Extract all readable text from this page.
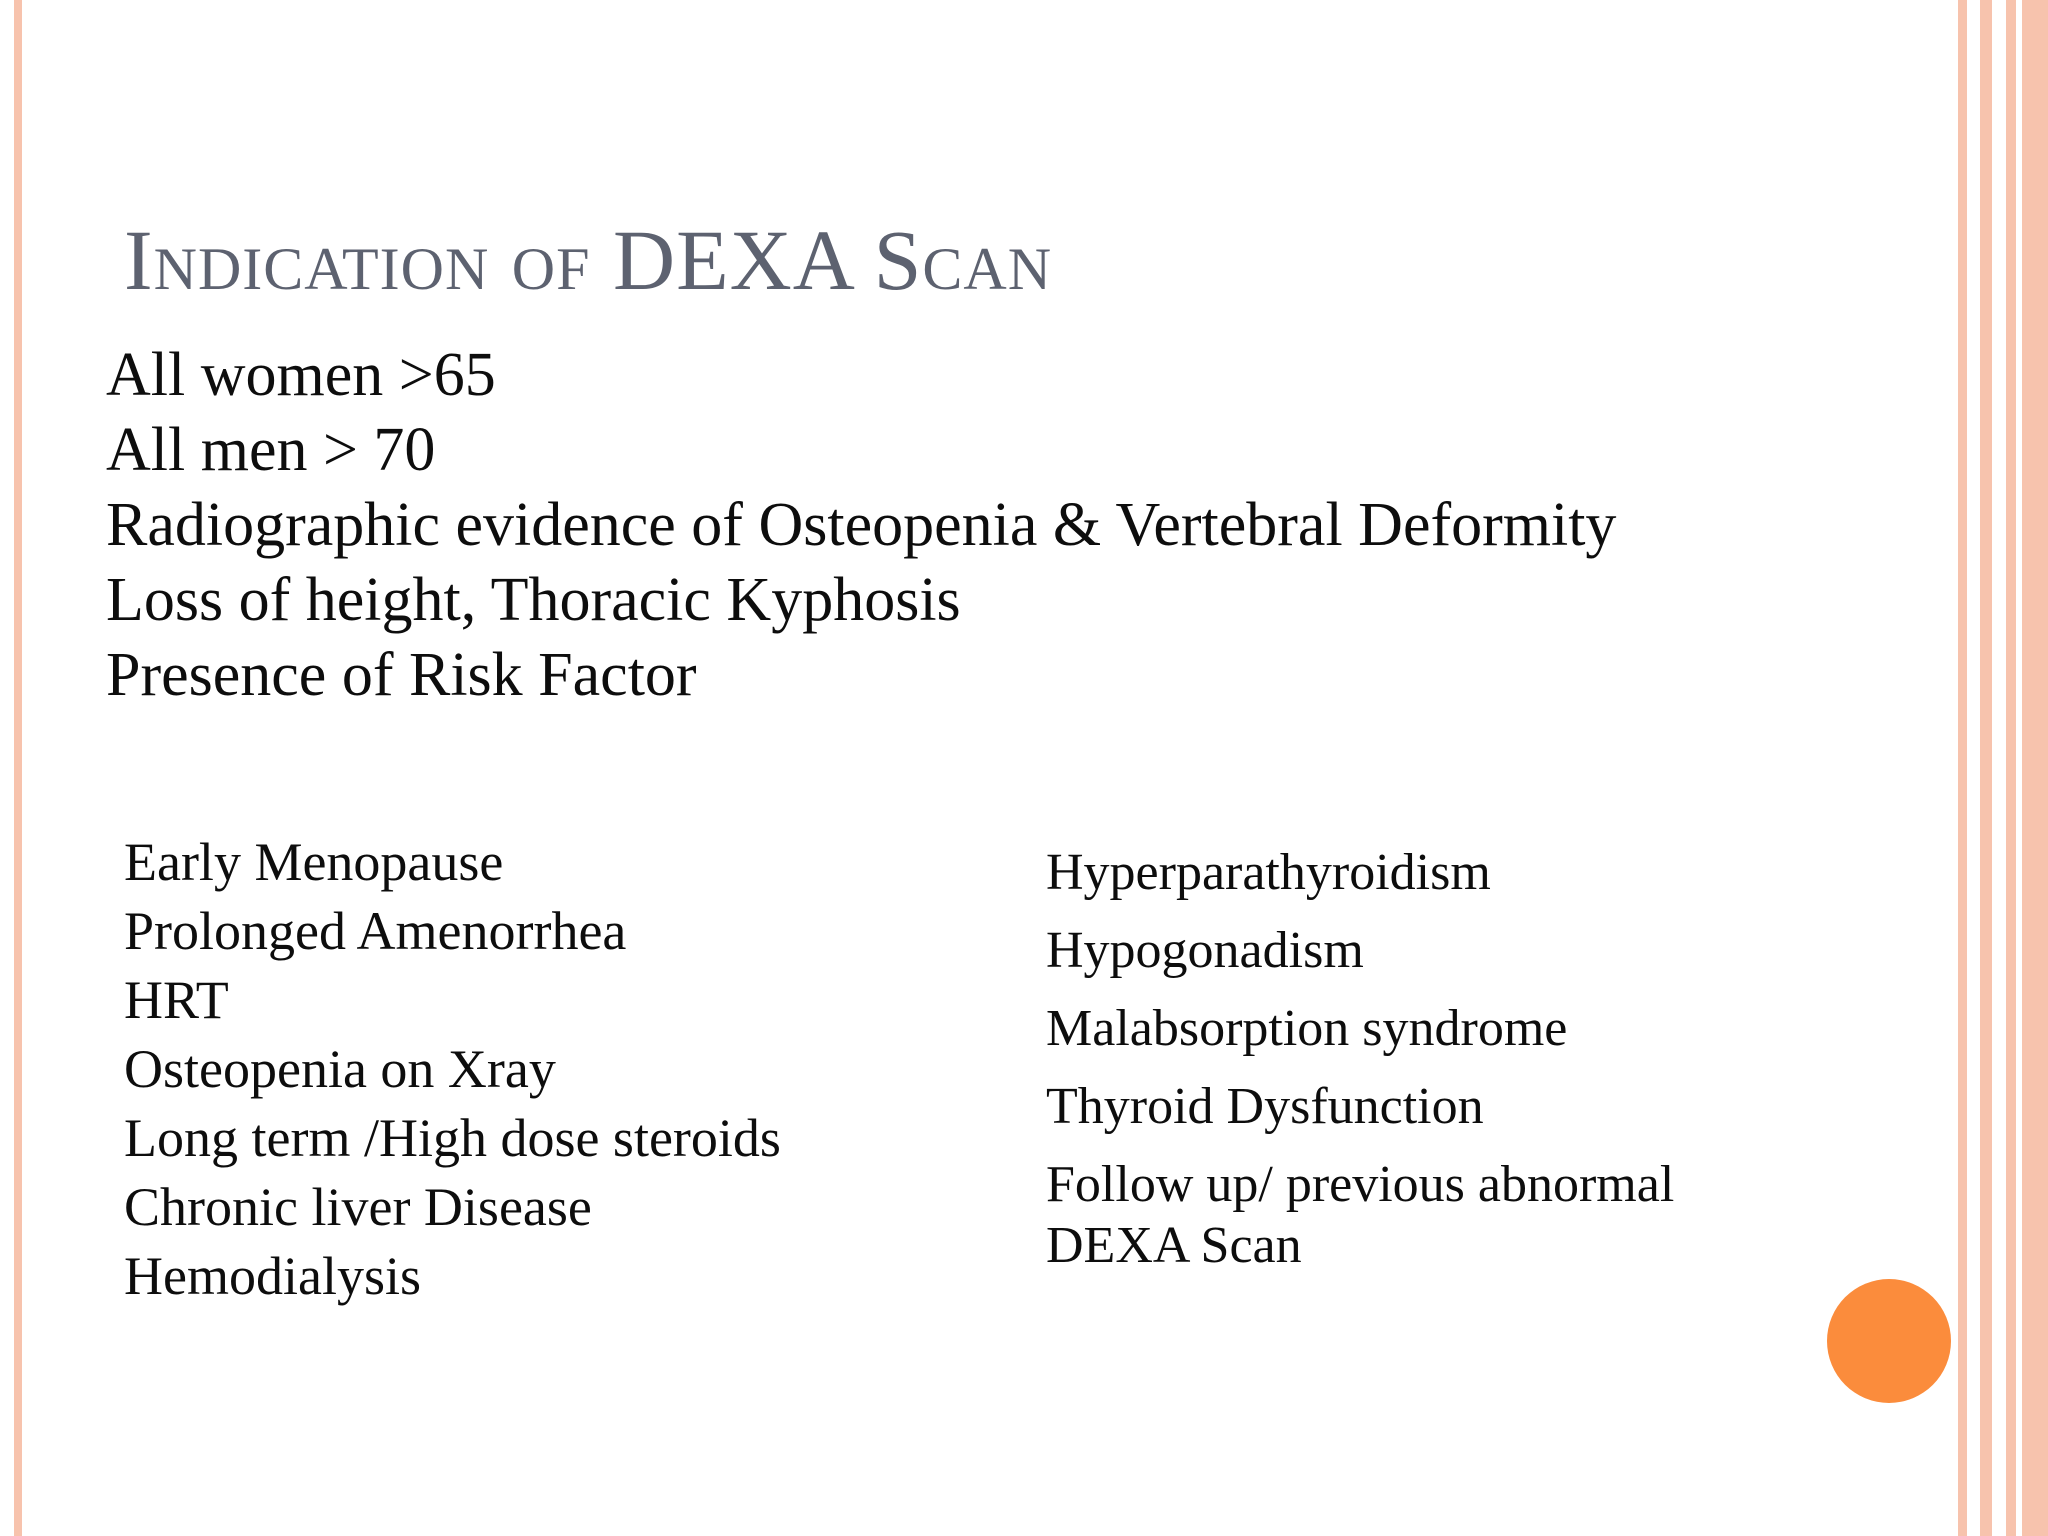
Indication of DEXA Scan
All women >65
All men > 70
Radiographic evidence of Osteopenia & Vertebral Deformity
Loss of height, Thoracic Kyphosis
Presence of Risk Factor
Early Menopause
Prolonged Amenorrhea
HRT
Osteopenia on Xray
Long term /High dose steroids
Chronic liver Disease
Hemodialysis
Hyperparathyroidism
Hypogonadism
Malabsorption syndrome
Thyroid Dysfunction
Follow up/ previous abnormal DEXA Scan
